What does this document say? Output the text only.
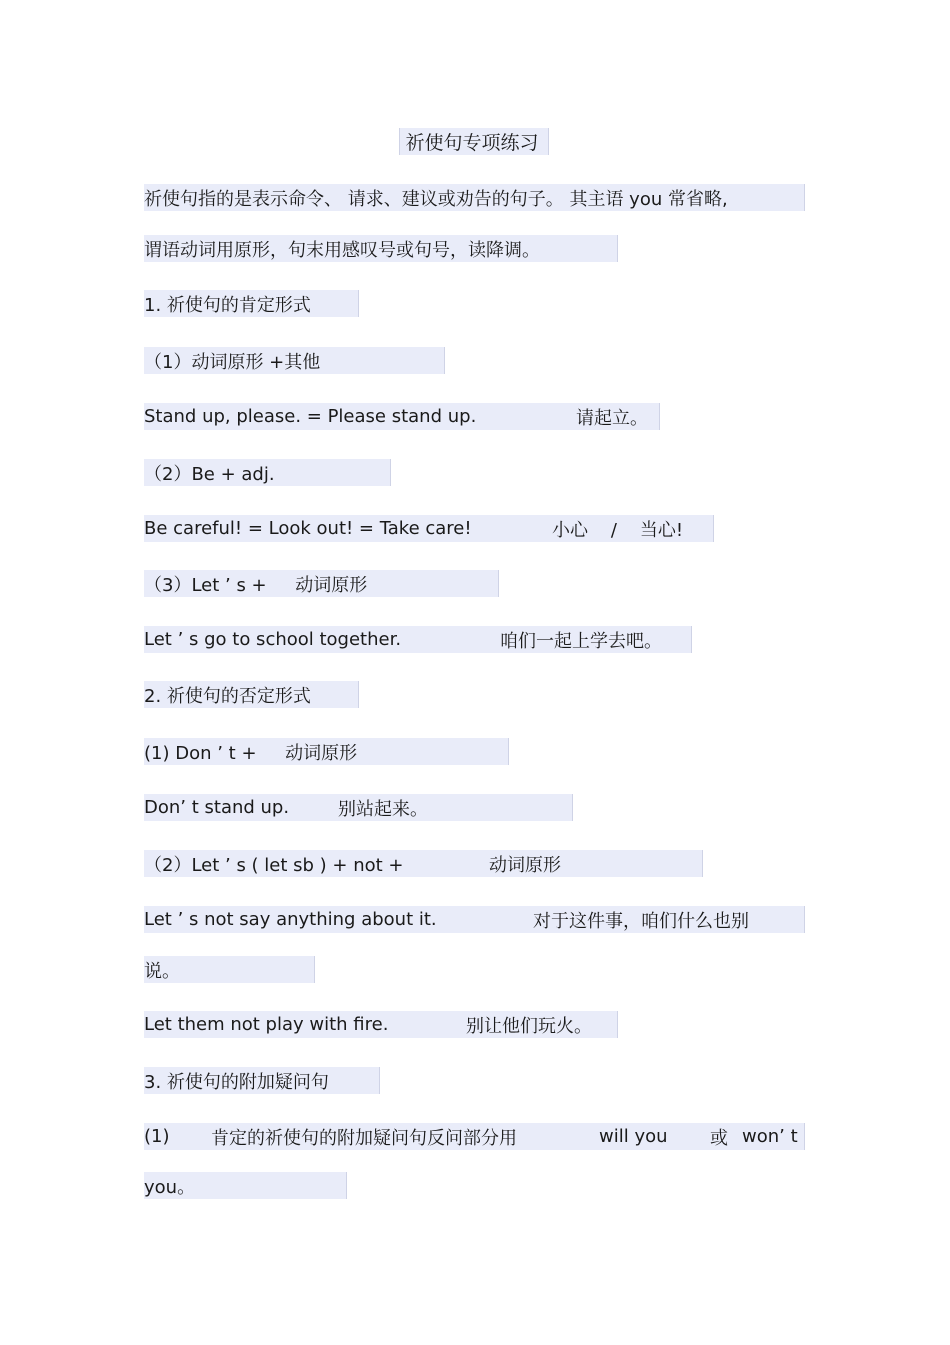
祈使句专项练习
祈使句指的是表示命令、 请求、建议或劝告的句子。 其主语 you 常省略,
谓语动词用原形，句末用感叹号或句号，读降调。
1. 祈使句的肯定形式
（1）动词原形 +其他
Stand up, please. = Please stand up.	请起立。
（2）Be + adj.
Be careful! = Look out! = Take care!	小心    /    当心!
（3）Let ’ s +     动词原形
Let ’ s go to school together.	咱们一起上学去吧。
2. 祈使句的否定形式
(1) Don ’ t +     动词原形
Don’ t stand up.	别站起来。
（2）Let ’ s ( let sb ) + not +	动词原形
Let ’ s not say anything about it.	对于这件事，咱们什么也别
说。
Let them not play with fire.	别让他们玩火。
3. 祈使句的附加疑问句
(1)	肯定的祈使句的附加疑问句反问部分用	will you	或 won’ t
you。
